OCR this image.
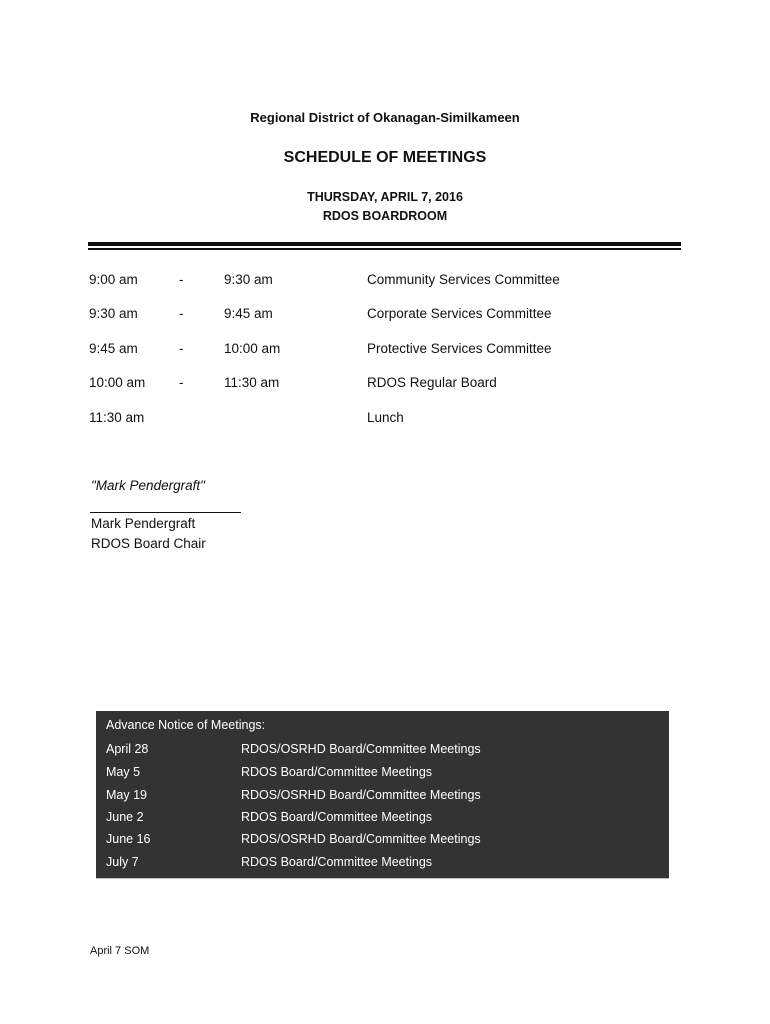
Regional District of Okanagan-Similkameen
SCHEDULE OF MEETINGS
THURSDAY, APRIL 7, 2016
RDOS BOARDROOM
9:00 am	-	9:30 am	Community Services Committee
9:30 am	-	9:45 am	Corporate Services Committee
9:45 am	-	10:00 am	Protective Services Committee
10:00 am -	11:30 am	RDOS Regular Board
11:30 am	Lunch
"Mark Pendergraft"
Mark Pendergraft
RDOS Board Chair
Advance Notice of Meetings:
April 28	RDOS/OSRHD Board/Committee Meetings
May 5	RDOS Board/Committee Meetings
May 19	RDOS/OSRHD Board/Committee Meetings
June 2	RDOS Board/Committee Meetings
June 16	RDOS/OSRHD Board/Committee Meetings
July 7	RDOS Board/Committee Meetings
April 7 SOM
